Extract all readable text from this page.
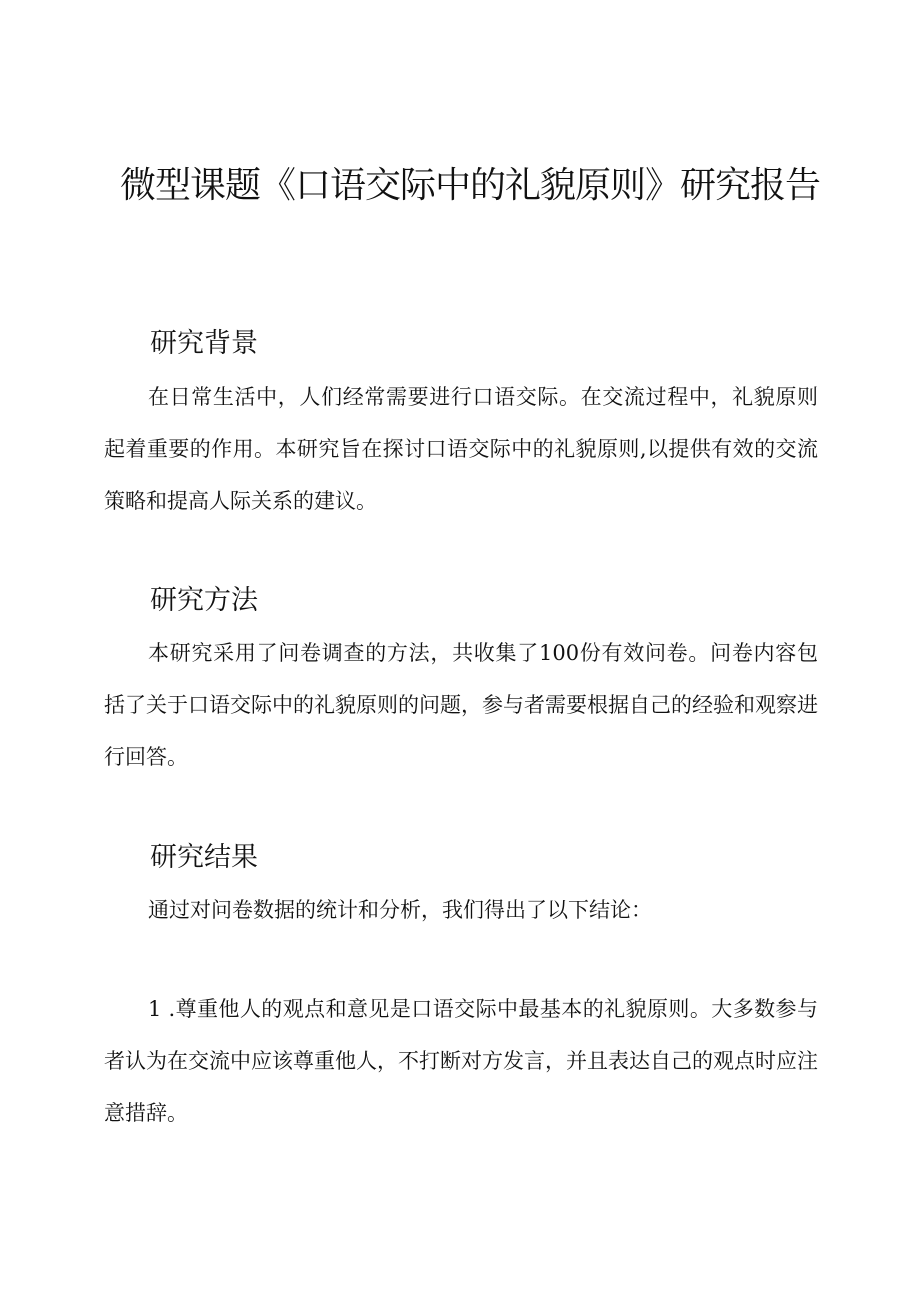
微型课题《口语交际中的礼貌原则》研究报告
研究背景

在日常生活中，人们经常需要进行口语交际。在交流过程中，礼貌原则起着重要的作用。本研究旨在探讨口语交际中的礼貌原则,以提供有效的交流策略和提高人际关系的建议。

研究方法

本研究采用了问卷调查的方法，共收集了100份有效问卷。问卷内容包括了关于口语交际中的礼貌原则的问题，参与者需要根据自己的经验和观察进行回答。

研究结果

通过对问卷数据的统计和分析，我们得出了以下结论：

1 .尊重他人的观点和意见是口语交际中最基本的礼貌原则。大多数参与者认为在交流中应该尊重他人，不打断对方发言，并且表达自己的观点时应注意措辞。
